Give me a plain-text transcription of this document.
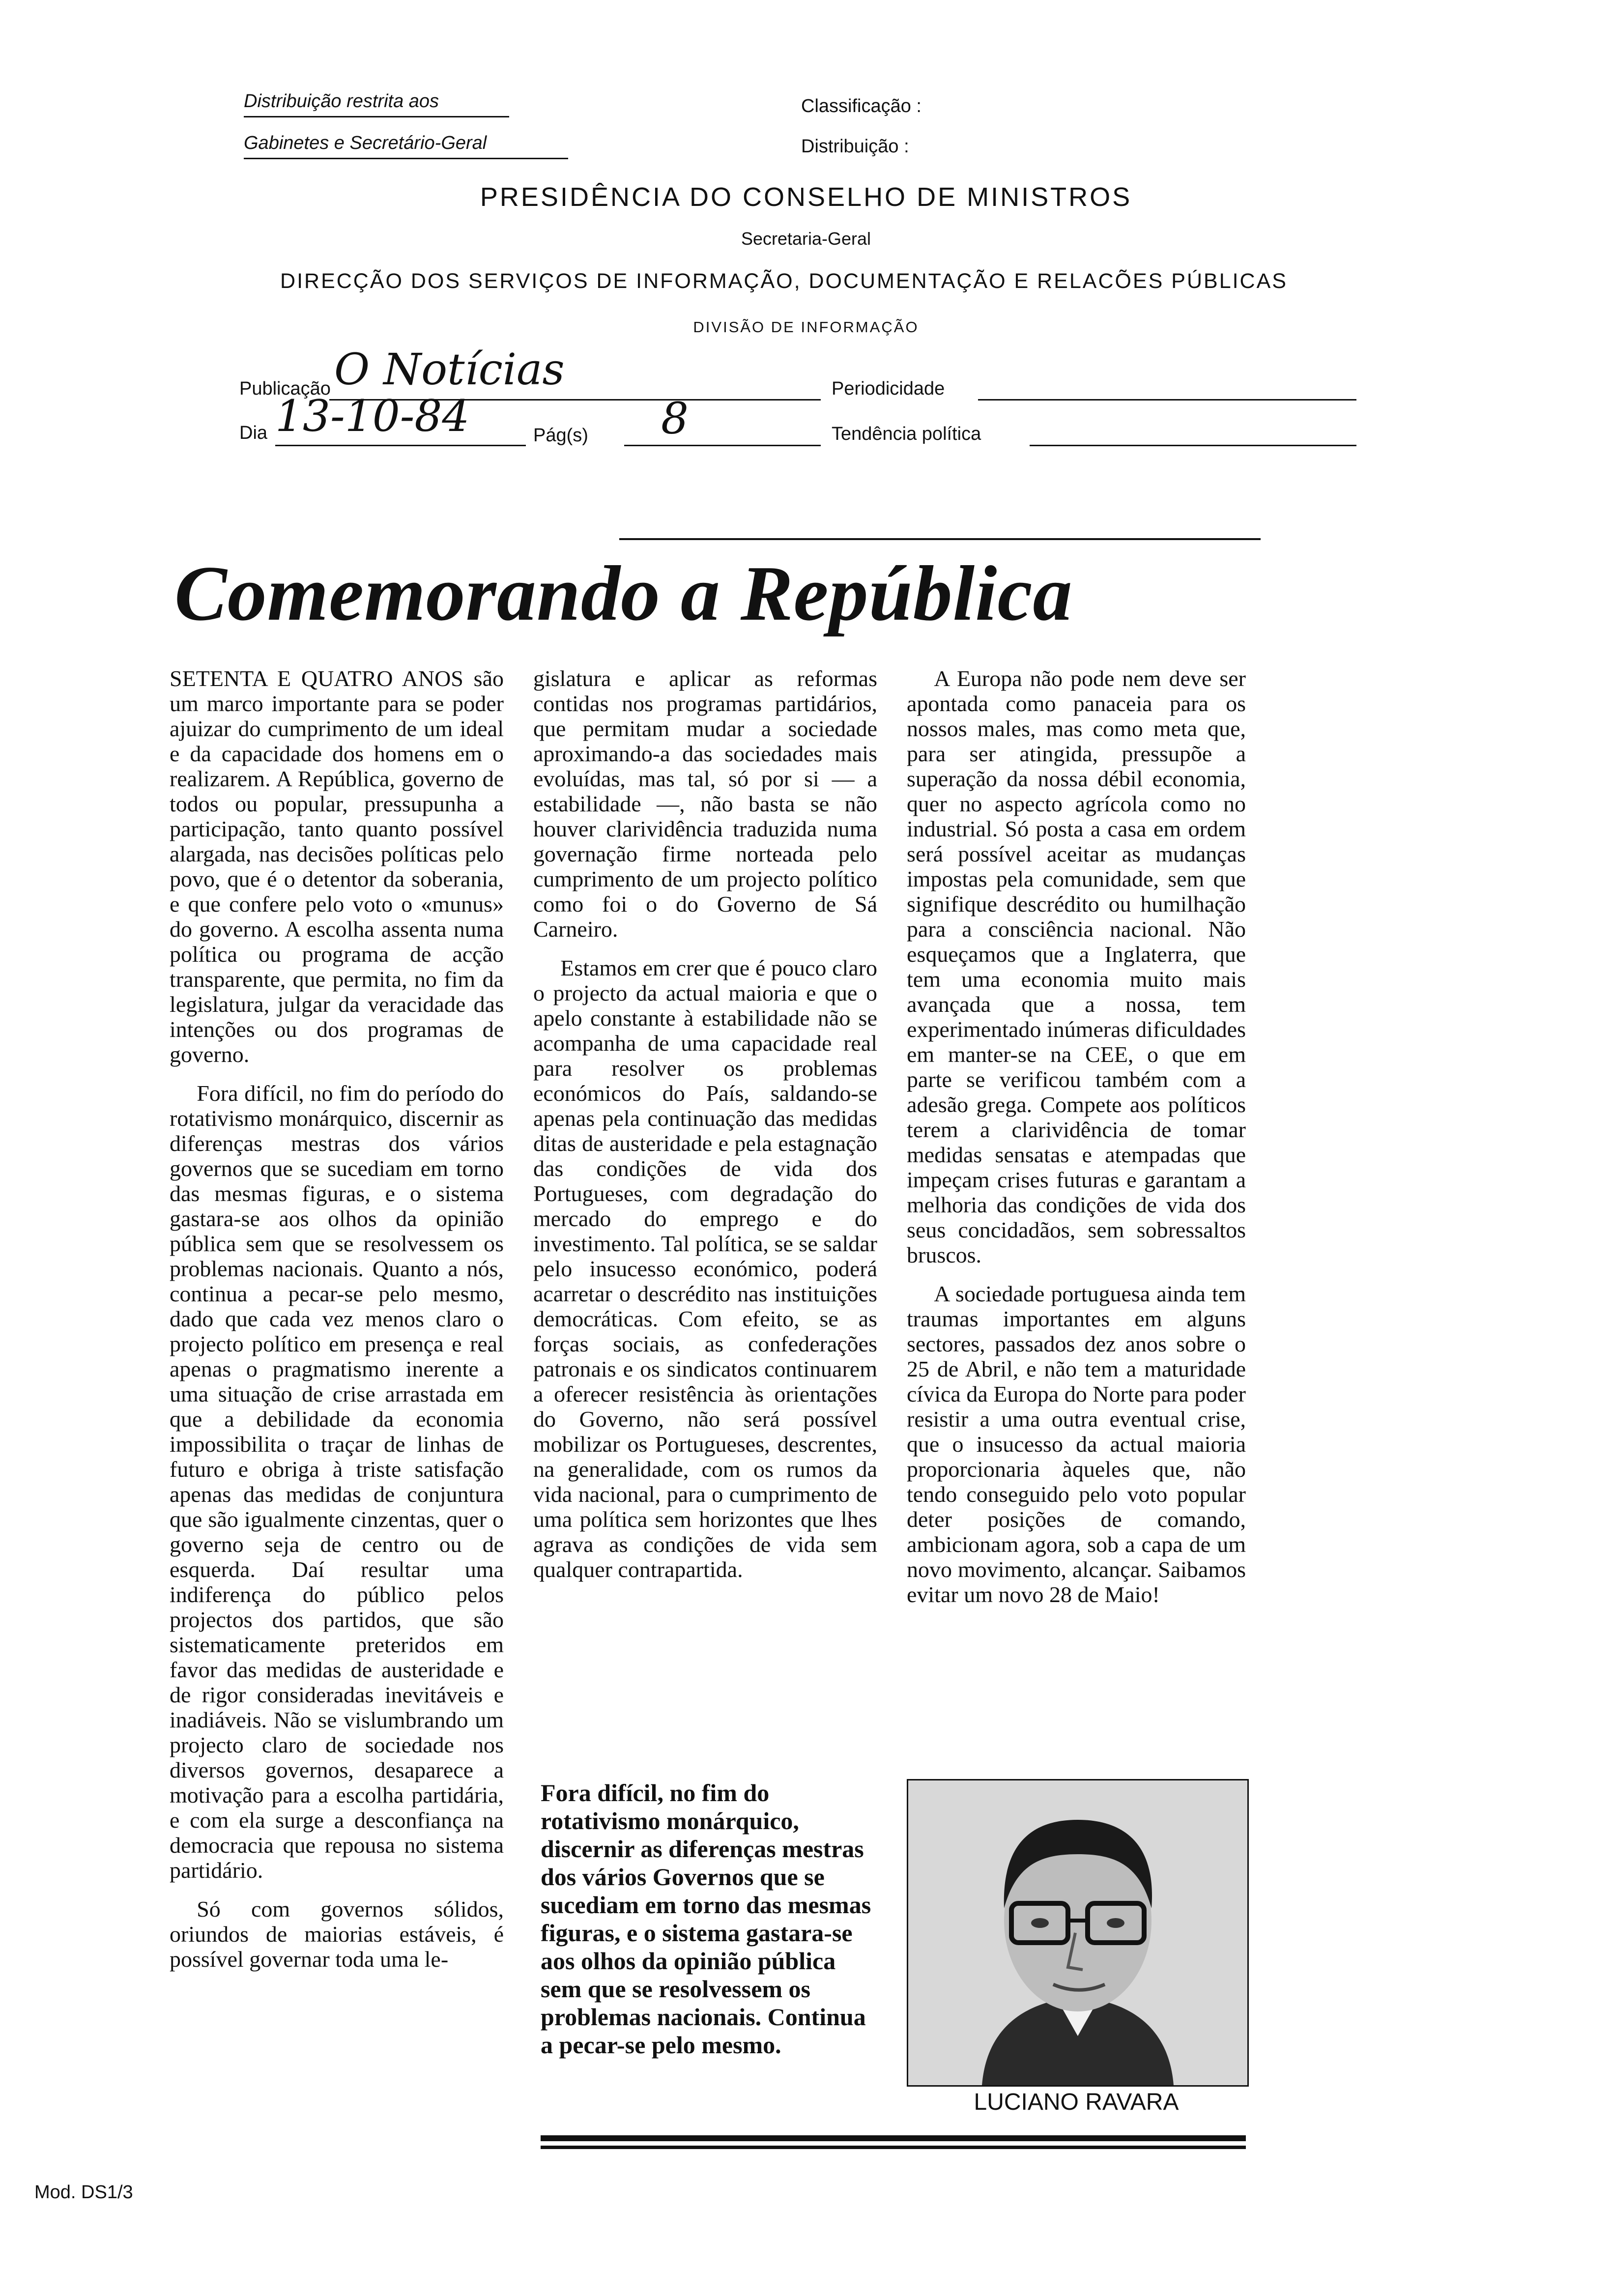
Distribuição restrita aos
Gabinetes e Secretário-Geral
Classificação :
Distribuição :
PRESIDÊNCIA DO CONSELHO DE MINISTROS
Secretaria-Geral
DIRECÇÃO DOS SERVIÇOS DE INFORMAÇÃO, DOCUMENTAÇÃO E RELACÕES PÚBLICAS
DIVISÃO DE INFORMAÇÃO
Publicação O Notícias	Periodicidade
Dia 13-10-84	Pág(s) 8	Tendência política
Comemorando a República

SETENTA E QUATRO ANOS são um marco importante para se poder ajuizar do cumprimento de um ideal e da capacidade dos homens em o realizarem. A República, governo de todos ou popular, pressupunha a participação, tanto quanto possível alargada, nas decisões políticas pelo povo, que é o detentor da soberania, e que confere pelo voto o «munus» do governo. A escolha assenta numa política ou programa de acção transparente, que permita, no fim da legislatura, julgar da veracidade das intenções ou dos programas de governo.

Fora difícil, no fim do período do rotativismo monárquico, discernir as diferenças mestras dos vários governos que se sucediam em torno das mesmas figuras, e o sistema gastara-se aos olhos da opinião pública sem que se resolvessem os problemas nacionais. Quanto a nós, continua a pecar-se pelo mesmo, dado que cada vez menos claro o projecto político em presença e real apenas o pragmatismo inerente a uma situação de crise arrastada em que a debilidade da economia impossibilita o traçar de linhas de futuro e obriga à triste satisfação apenas das medidas de conjuntura que são igualmente cinzentas, quer o governo seja de centro ou de esquerda. Daí resultar uma indiferença do público pelos projectos dos partidos, que são sistematicamente preteridos em favor das medidas de austeridade e de rigor consideradas inevitáveis e inadiáveis. Não se vislumbrando um projecto claro de sociedade nos diversos governos, desaparece a motivação para a escolha partidária, e com ela surge a desconfiança na democracia que repousa no sistema partidário.

Só com governos sólidos, oriundos de maiorias estáveis, é possível governar toda uma le-

gislatura e aplicar as reformas contidas nos programas partidários, que permitam mudar a sociedade aproximando-a das sociedades mais evoluídas, mas tal, só por si — a estabilidade —, não basta se não houver clarividência traduzida numa governação firme norteada pelo cumprimento de um projecto político como foi o do Governo de Sá Carneiro.

Estamos em crer que é pouco claro o projecto da actual maioria e que o apelo constante à estabilidade não se acompanha de uma capacidade real para resolver os problemas económicos do País, saldando-se apenas pela continuação das medidas ditas de austeridade e pela estagnação das condições de vida dos Portugueses, com degradação do mercado do emprego e do investimento. Tal política, se se saldar pelo insucesso económico, poderá acarretar o descrédito nas instituições democráticas. Com efeito, se as forças sociais, as confederações patronais e os sindicatos continuarem a oferecer resistência às orientações do Governo, não será possível mobilizar os Portugueses, descrentes, na generalidade, com os rumos da vida nacional, para o cumprimento de uma política sem horizontes que lhes agrava as condições de vida sem qualquer contrapartida.

A Europa não pode nem deve ser apontada como panaceia para os nossos males, mas como meta que, para ser atingida, pressupõe a superação da nossa débil economia, quer no aspecto agrícola como no industrial. Só posta a casa em ordem será possível aceitar as mudanças impostas pela comunidade, sem que signifique descrédito ou humilhação para a consciência nacional. Não esqueçamos que a Inglaterra, que tem uma economia muito mais avançada que a nossa, tem experimentado inúmeras dificuldades em manter-se na CEE, o que em parte se verificou também com a adesão grega. Compete aos políticos terem a clarividência de tomar medidas sensatas e atempadas que impeçam crises futuras e garantam a melhoria das condições de vida dos seus concidadãos, sem sobressaltos bruscos.

A sociedade portuguesa ainda tem traumas importantes em alguns sectores, passados dez anos sobre o 25 de Abril, e não tem a maturidade cívica da Europa do Norte para poder resistir a uma outra eventual crise, que o insucesso da actual maioria proporcionaria àqueles que, não tendo conseguido pelo voto popular deter posições de comando, ambicionam agora, sob a capa de um novo movimento, alcançar. Saibamos evitar um novo 28 de Maio!

Fora difícil, no fim do rotativismo monárquico, discernir as diferenças mestras dos vários Governos que se sucediam em torno das mesmas figuras, e o sistema gastara-se aos olhos da opinião pública sem que se resolvessem os problemas nacionais. Continua a pecar-se pelo mesmo.
LUCIANO RAVARA
Mod. DS1/3
